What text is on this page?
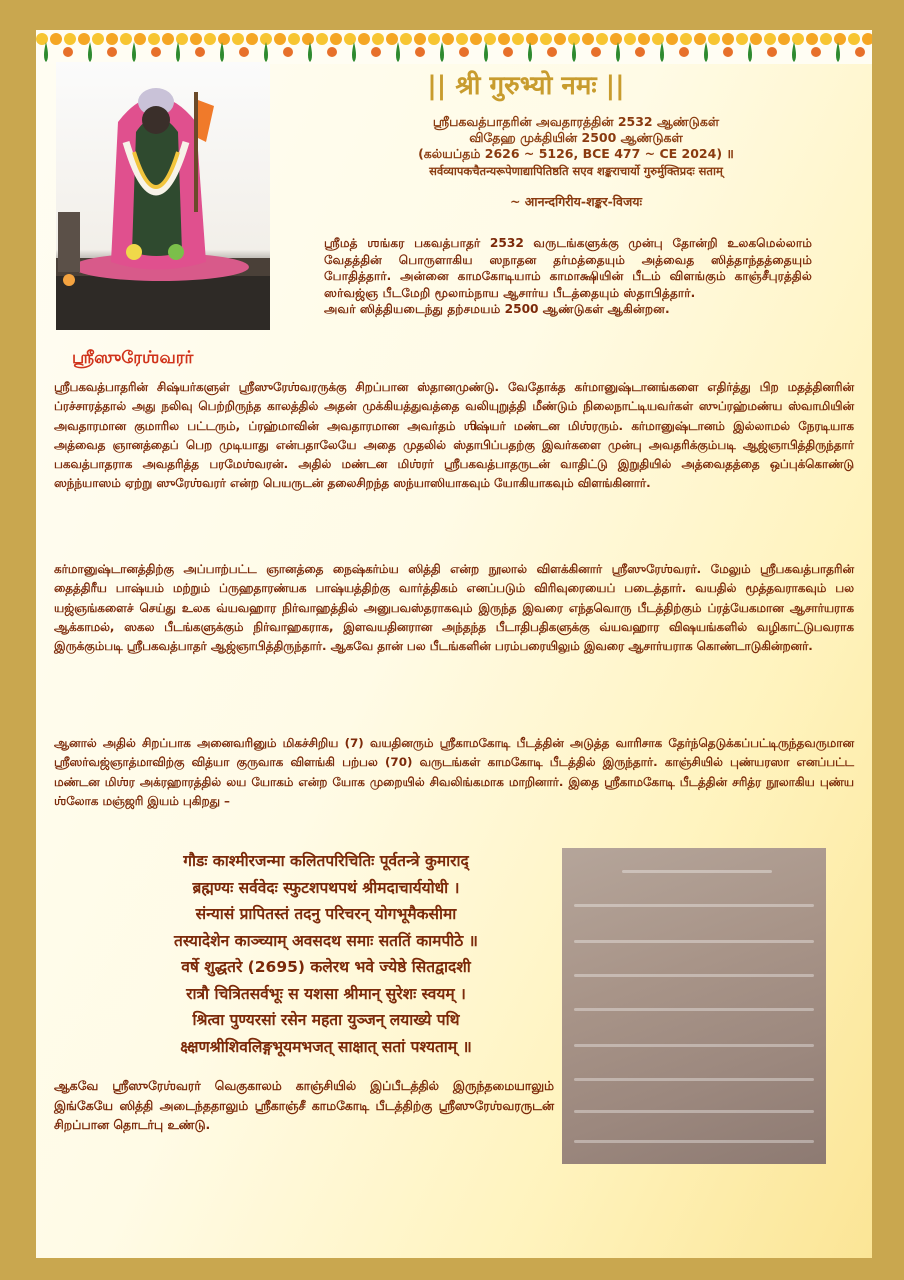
|| श्री गुरुभ्यो नमः ||
ஸ்ரீபகவத்பாதரின் அவதாரத்தின் 2532 ஆண்டுகள்
விதேஹ முக்தியின் 2500 ஆண்டுகள்
(கல்யப்தம் 2626 ~ 5126, BCE 477 ~ CE 2024) ॥
सर्वव्यापकचैतन्यरूपेणाद्यापितिष्ठति सएव शङ्कराचार्यो गुरुर्मुक्तिप्रदः सताम्
~ आनन्दगिरीय-शङ्कर-विजयः

ஸ்ரீமத் ஶங்கர பகவத்பாதர் 2532 வருடங்களுக்கு முன்பு தோன்றி உலகமெல்லாம் வேதத்தின் பொருளாகிய ஸநாதன தர்மத்தையும் அத்வைத ஸித்தாந்தத்தையும் போதித்தார். அன்னை காமகோடியாம் காமாக்ஷியின் பீடம் விளங்கும் காஞ்சீபுரத்தில் ஸர்வஜ்ஞ பீடமேறி மூலாம்நாய ஆசார்ய பீடத்தையும் ஸ்தாபித்தார்.

அவர் ஸித்தியடைந்து தற்சமயம் 2500 ஆண்டுகள் ஆகின்றன.

ஸ்ரீஸுரேஶ்வரர்

ஸ்ரீபகவத்பாதரின் சிஷ்யர்களுள் ஸ்ரீஸுரேஶ்வரருக்கு சிறப்பான ஸ்தானமுண்டு. வேதோக்த கர்மானுஷ்டானங்களை எதிர்த்து பிற மதத்தினரின் ப்ரச்சாரத்தால் அது நலிவு பெற்றிருந்த காலத்தில் அதன் முக்கியத்துவத்தை வலியுறுத்தி மீண்டும் நிலைநாட்டியவர்கள் ஸுப்ரஹ்மண்ய ஸ்வாமியின் அவதாரமான குமாரில பட்டரும், ப்ரஹ்மாவின் அவதாரமான அவர்தம் ஶிஷ்யர் மண்டன மிஶ்ரரும். கர்மானுஷ்டானம் இல்லாமல் நேரடியாக அத்வைத ஞானத்தைப் பெற முடியாது என்பதாலேயே அதை முதலில் ஸ்தாபிப்பதற்கு இவர்களை முன்பு அவதரிக்கும்படி ஆஜ்ஞாபித்திருந்தார் பகவத்பாதராக அவதரித்த பரமேஶ்வரன். அதில் மண்டன மிஶ்ரர் ஸ்ரீபகவத்பாதருடன் வாதிட்டு இறுதியில் அத்வைதத்தை ஒப்புக்கொண்டு ஸந்ந்யாஸம் ஏற்று ஸுரேஶ்வரர் என்ற பெயருடன் தலைசிறந்த ஸந்யாஸியாகவும் யோகியாகவும் விளங்கினார்.

கர்மானுஷ்டானத்திற்கு அப்பாற்பட்ட ஞானத்தை நைஷ்கர்ம்ய ஸித்தி என்ற நூலால் விளக்கினார் ஸ்ரீஸுரேஶ்வரர். மேலும் ஸ்ரீபகவத்பாதரின் தைத்திரீய பாஷ்யம் மற்றும் ப்ருஹதாரண்யக பாஷ்யத்திற்கு வார்த்திகம் எனப்படும் விரிவுரையைப் படைத்தார். வயதில் மூத்தவராகவும் பல யஜ்ஞங்களைச் செய்து உலக வ்யவஹார நிர்வாஹத்தில் அனுபவஸ்தராகவும் இருந்த இவரை எந்தவொரு பீடத்திற்கும் ப்ரத்யேகமான ஆசார்யராக ஆக்காமல், ஸகல பீடங்களுக்கும் நிர்வாஹகராக, இளவயதினரான அந்தந்த பீடாதிபதிகளுக்கு வ்யவஹார விஷயங்களில் வழிகாட்டுபவராக இருக்கும்படி ஸ்ரீபகவத்பாதர் ஆஜ்ஞாபித்திருந்தார். ஆகவே தான் பல பீடங்களின் பரம்பரையிலும் இவரை ஆசார்யராக கொண்டாடுகின்றனர்.

ஆனால் அதில் சிறப்பாக அனைவரினும் மிகச்சிறிய (7) வயதினரும் ஸ்ரீகாமகோடி பீடத்தின் அடுத்த வாரிசாக தேர்ந்தெடுக்கப்பட்டிருந்தவருமான ஸ்ரீஸர்வஜ்ஞாத்மாவிற்கு வித்யா குருவாக விளங்கி பற்பல (70) வருடங்கள் காமகோடி பீடத்தில் இருந்தார். காஞ்சியில் புண்யரஸா எனப்பட்ட மண்டன மிஶ்ர அக்ரஹாரத்தில் லய யோகம் என்ற யோக முறையில் சிவலிங்கமாக மாறினார். இதை ஸ்ரீகாமகோடி பீடத்தின் சரித்ர நூலாகிய புண்ய ஶ்லோக மஞ்ஜரி இயம் புகிறது –

गौडः काश्मीरजन्मा कलितपरिचितिः पूर्वतन्त्रे कुमाराद्

ब्रह्मण्यः सर्ववेदः स्फुटशपथपथं श्रीमदाचार्ययोधी ।

संन्यासं प्रापितस्तं तदनु परिचरन् योगभूमैकसीमा

तस्यादेशेन काञ्च्याम् अवसदथ समाः सततिं कामपीठे ॥

वर्षे शुद्धतरे (2695) कलेरथ भवे ज्येष्ठे सितद्वादशी

रात्रौ चित्रितसर्वभूः स यशसा श्रीमान् सुरेशः स्वयम् ।

श्रित्वा पुण्यरसां रसेन महता युञ्जन् लयाख्ये पथि

क्ष्क्षणश्रीशिवलिङ्गभूयमभजत् साक्षात् सतां पश्यताम् ॥

ஆகவே ஸ்ரீஸுரேஶ்வரர் வெகுகாலம் காஞ்சியில் இப்பீடத்தில் இருந்தமையாலும் இங்கேயே ஸித்தி அடைந்ததாலும் ஸ்ரீகாஞ்சீ காமகோடி பீடத்திற்கு ஸ்ரீஸுரேஶ்வரருடன் சிறப்பான தொடர்பு உண்டு.
